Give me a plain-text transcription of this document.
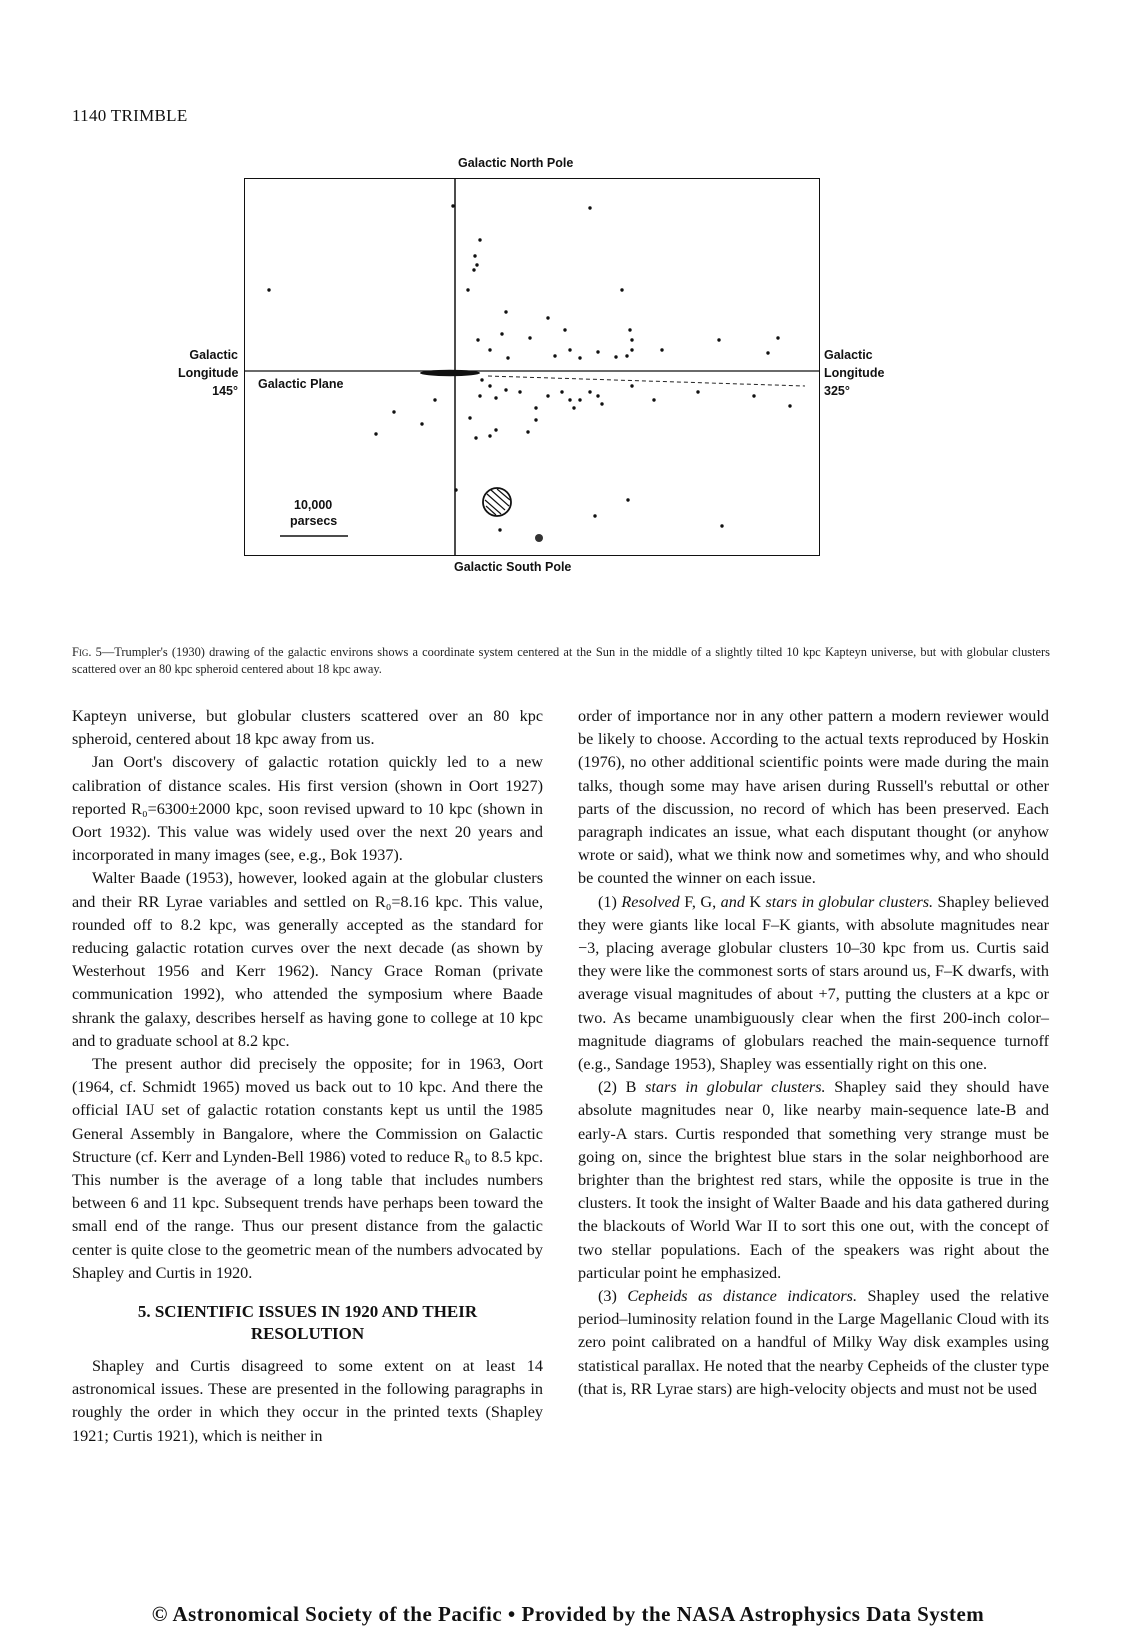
1140 TRIMBLE
Galactic North Pole
Galactic South Pole
Galactic
Longitude
145°
Galactic
Longitude
325°
Galactic Plane
10,000
parsecs
Fig. 5—Trumpler's (1930) drawing of the galactic environs shows a coordinate system centered at the Sun in the middle of a slightly tilted 10 kpc Kapteyn universe, but with globular clusters scattered over an 80 kpc spheroid centered about 18 kpc away.

Kapteyn universe, but globular clusters scattered over an 80 kpc spheroid, centered about 18 kpc away from us.

Jan Oort's discovery of galactic rotation quickly led to a new calibration of distance scales. His first version (shown in Oort 1927) reported R₀=6300±2000 kpc, soon revised upward to 10 kpc (shown in Oort 1932). This value was widely used over the next 20 years and incorporated in many images (see, e.g., Bok 1937).

Walter Baade (1953), however, looked again at the globular clusters and their RR Lyrae variables and settled on R₀=8.16 kpc. This value, rounded off to 8.2 kpc, was generally accepted as the standard for reducing galactic rotation curves over the next decade (as shown by Westerhout 1956 and Kerr 1962). Nancy Grace Roman (private communication 1992), who attended the symposium where Baade shrank the galaxy, describes herself as having gone to college at 10 kpc and to graduate school at 8.2 kpc.

The present author did precisely the opposite; for in 1963, Oort (1964, cf. Schmidt 1965) moved us back out to 10 kpc. And there the official IAU set of galactic rotation constants kept us until the 1985 General Assembly in Bangalore, where the Commission on Galactic Structure (cf. Kerr and Lynden-Bell 1986) voted to reduce R₀ to 8.5 kpc. This number is the average of a long table that includes numbers between 6 and 11 kpc. Subsequent trends have perhaps been toward the small end of the range. Thus our present distance from the galactic center is quite close to the geometric mean of the numbers advocated by Shapley and Curtis in 1920.

5. SCIENTIFIC ISSUES IN 1920 AND THEIR RESOLUTION

Shapley and Curtis disagreed to some extent on at least 14 astronomical issues. These are presented in the following paragraphs in roughly the order in which they occur in the printed texts (Shapley 1921; Curtis 1921), which is neither in

order of importance nor in any other pattern a modern reviewer would be likely to choose. According to the actual texts reproduced by Hoskin (1976), no other additional scientific points were made during the main talks, though some may have arisen during Russell's rebuttal or other parts of the discussion, no record of which has been preserved. Each paragraph indicates an issue, what each disputant thought (or anyhow wrote or said), what we think now and sometimes why, and who should be counted the winner on each issue.

(1) Resolved F, G, and K stars in globular clusters. Shapley believed they were giants like local F–K giants, with absolute magnitudes near −3, placing average globular clusters 10–30 kpc from us. Curtis said they were like the commonest sorts of stars around us, F–K dwarfs, with average visual magnitudes of about +7, putting the clusters at a kpc or two. As became unambiguously clear when the first 200-inch color–magnitude diagrams of globulars reached the main-sequence turnoff (e.g., Sandage 1953), Shapley was essentially right on this one.

(2) B stars in globular clusters. Shapley said they should have absolute magnitudes near 0, like nearby main-sequence late-B and early-A stars. Curtis responded that something very strange must be going on, since the brightest blue stars in the solar neighborhood are brighter than the brightest red stars, while the opposite is true in the clusters. It took the insight of Walter Baade and his data gathered during the blackouts of World War II to sort this one out, with the concept of two stellar populations. Each of the speakers was right about the particular point he emphasized.

(3) Cepheids as distance indicators. Shapley used the relative period–luminosity relation found in the Large Magellanic Cloud with its zero point calibrated on a handful of Milky Way disk examples using statistical parallax. He noted that the nearby Cepheids of the cluster type (that is, RR Lyrae stars) are high-velocity objects and must not be used

© Astronomical Society of the Pacific • Provided by the NASA Astrophysics Data System
